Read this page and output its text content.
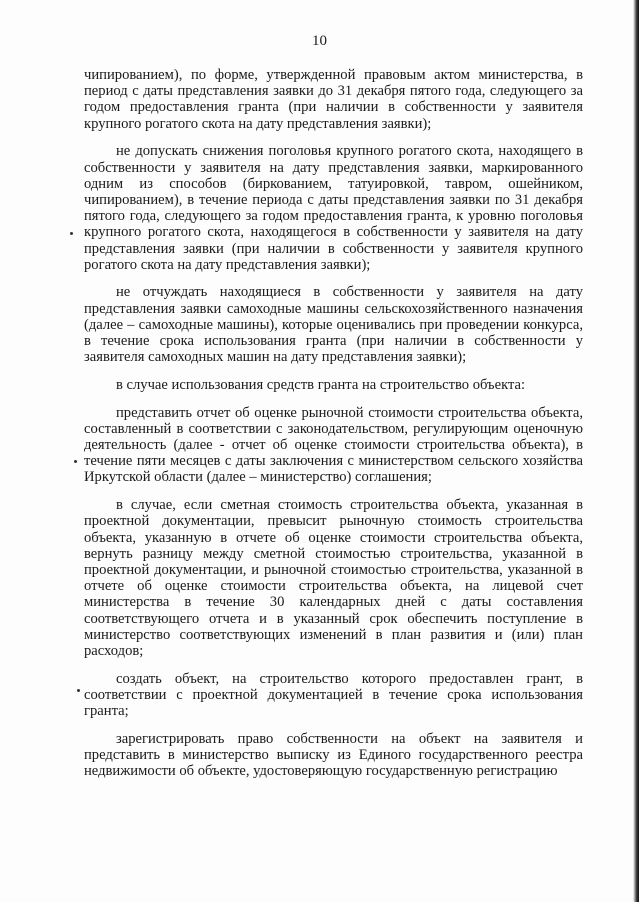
10

чипированием), по форме, утвержденной правовым актом министерства, в период с даты представления заявки до 31 декабря пятого года, следующего за годом предоставления гранта (при наличии в собственности у заявителя крупного рогатого скота на дату представления заявки);

не допускать снижения поголовья крупного рогатого скота, находящего в собственности у заявителя на дату представления заявки, маркированного одним из способов (биркованием, татуировкой, тавром, ошейником, чипированием), в течение периода с даты представления заявки по 31 декабря пятого года, следующего за годом предоставления гранта, к уровню поголовья крупного рогатого скота, находящегося в собственности у заявителя на дату представления заявки (при наличии в собственности у заявителя крупного рогатого скота на дату представления заявки);

не отчуждать находящиеся в собственности у заявителя на дату представления заявки самоходные машины сельскохозяйственного назначения (далее – самоходные машины), которые оценивались при проведении конкурса, в течение срока использования гранта (при наличии в собственности у заявителя самоходных машин на дату представления заявки);

в случае использования средств гранта на строительство объекта:

представить отчет об оценке рыночной стоимости строительства объекта, составленный в соответствии с законодательством, регулирующим оценочную деятельность (далее - отчет об оценке стоимости строительства объекта), в течение пяти месяцев с даты заключения с министерством сельского хозяйства Иркутской области (далее – министерство) соглашения;

в случае, если сметная стоимость строительства объекта, указанная в проектной документации, превысит рыночную стоимость строительства объекта, указанную в отчете об оценке стоимости строительства объекта, вернуть разницу между сметной стоимостью строительства, указанной в проектной документации, и рыночной стоимостью строительства, указанной в отчете об оценке стоимости строительства объекта, на лицевой счет министерства в течение 30 календарных дней с даты составления соответствующего отчета и в указанный срок обеспечить поступление в министерство соответствующих изменений в план развития и (или) план расходов;

создать объект, на строительство которого предоставлен грант, в соответствии с проектной документацией в течение срока использования гранта;

зарегистрировать право собственности на объект на заявителя и представить в министерство выписку из Единого государственного реестра недвижимости об объекте, удостоверяющую государственную регистрацию
